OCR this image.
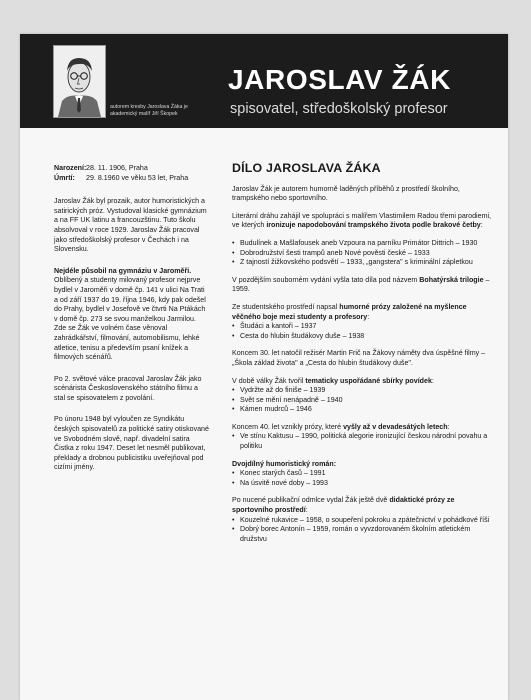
autorem kresby Jaroslava Žáka je akademický malíř Jiří Škopek
JAROSLAV ŽÁK
spisovatel, středoškolský profesor
Narození: 28. 11. 1906, Praha
Úmrtí:	29. 8.1960 ve věku 53 let, Praha

Jaroslav Žák byl prozaik, autor humoristických a satirických próz. Vystudoval klasické gymnázium a na FF UK latinu a francouzštinu. Tuto školu absolvoval v roce 1929. Jaroslav Žák pracoval jako středoškolský profesor v Čechách i na Slovensku.

Nejdéle působil na gymnáziu v Jaroměři. Oblíbený a studenty milovaný profesor nejprve bydlel v Jaroměři v domě čp. 141 v ulici Na Trati a od září 1937 do 19. října 1946, kdy pak odešel do Prahy, bydlel v Josefově ve čtvrti Na Ptákách v domě čp. 273 se svou manželkou Jarmilou. Zde se Žák ve volném čase věnoval zahrádkářství, filmování, automobilismu, lehké atletice, tenisu a především psaní knížek a filmových scénářů.

Po 2. světové válce pracoval Jaroslav Žák jako scénárista Československého státního filmu a stal se spisovatelem z povolání.

Po únoru 1948 byl vyloučen ze Syndikátu českých spisovatelů za politické satiry otiskované ve Svobodném slově, např. divadelní satira Čistka z roku 1947. Deset let nesměl publikovat, překlady a drobnou publicistiku uveřejňoval pod cizími jmény.

DÍLO JAROSLAVA ŽÁKA

Jaroslav Žák je autorem humorně laděných příběhů z prostředí školního, trampského nebo sportovního.

Literární dráhu zahájil ve spolupráci s malířem Vlastimilem Radou třemi parodiemi, ve kterých ironizuje napodobování trampského života podle brakové četby:

• Budulínek a Mašlafousek aneb Vzpoura na parníku Primátor Dittrich – 1930
• Dobrodružství šesti trampů aneb Nové pověsti české – 1933
• Z tajností žižkovského podsvětí – 1933, „gangstera" s kriminální zápletkou

V pozdějším souborném vydání vyšla tato díla pod názvem Bohatýrská trilogie – 1959.

Ze studentského prostředí napsal humorné prózy založené na myšlence věčného boje mezi studenty a profesory:

• Študáci a kantoři – 1937
• Cesta do hlubin študákovy duše – 1938

Koncem 30. let natočil režisér Martin Frič na Žákovy náměty dva úspěšné filmy – „Škola základ života" a „Cesta do hlubin študákovy duše".

V době války Žák tvořil tematicky uspořádané sbírky povídek:

• Vydržte až do finiše – 1939
• Svět se mění nenápadně – 1940
• Kámen mudrců – 1946

Koncem 40. let vznikly prózy, které vyšly až v devadesátých letech:

• Ve stínu Kaktusu – 1990, politická alegorie ironizující českou národní povahu a politiku

Dvojdílný humoristický román:

• Konec starých časů – 1991
• Na úsvitě nové doby – 1993

Po nucené publikační odmlce vydal Žák ještě dvě didaktické prózy ze sportovního prostředí:

• Kouzelné rukavice – 1958, o soupeření pokroku a zpátečnictví v pohádkové říši
• Dobrý borec Antonín – 1959, román o vyvzdorovaném školním atletickém družstvu
